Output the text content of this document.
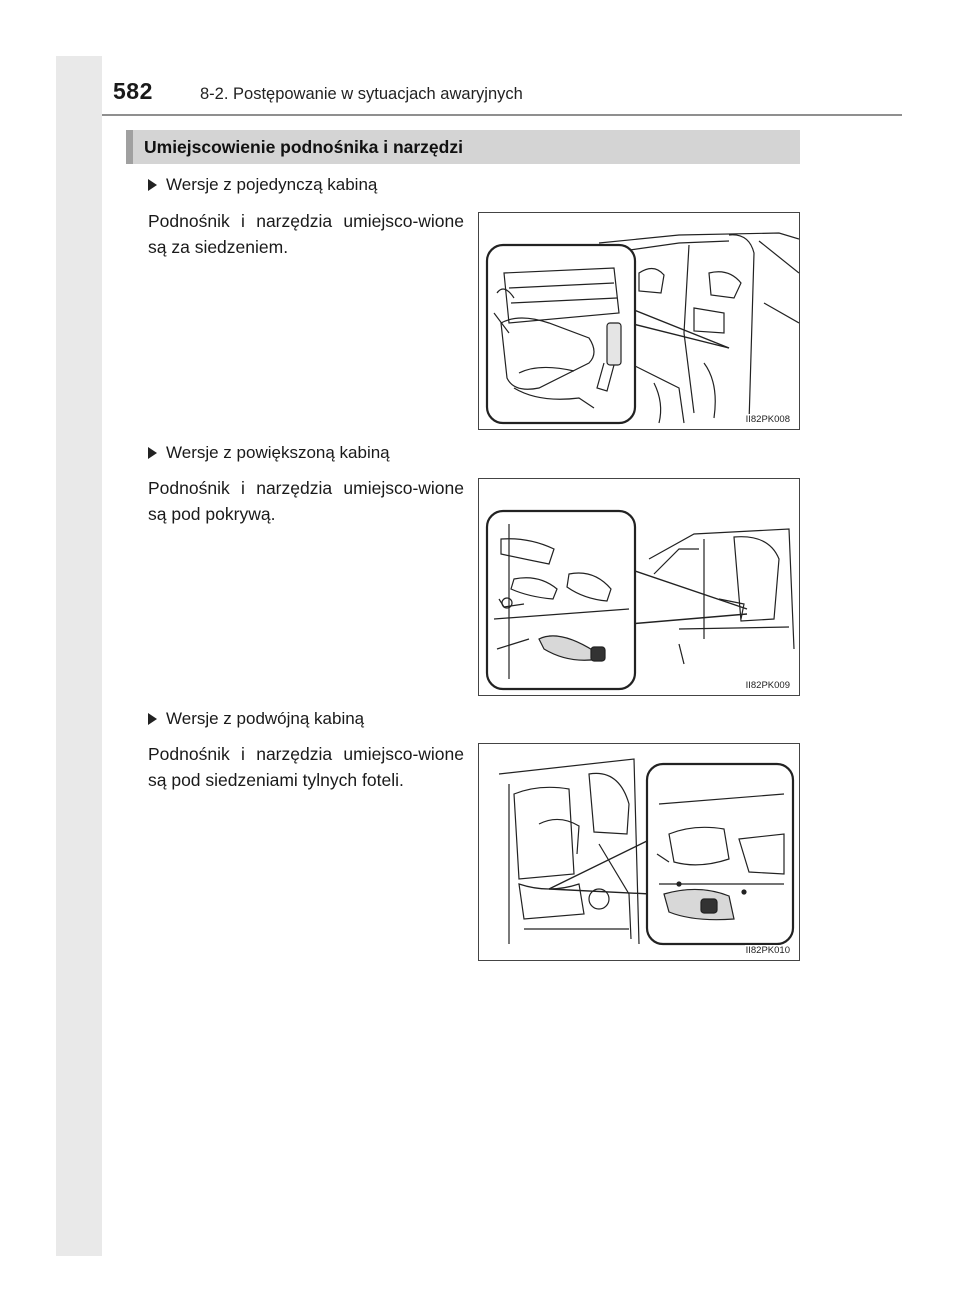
582	8-2. Postępowanie w sytuacjach awaryjnych
Umiejscowienie podnośnika i narzędzi
Wersje z pojedynczą kabiną
Podnośnik i narzędzia umiejsco-wione są za siedzeniem.
II82PK008
Wersje z powiększoną kabiną
Podnośnik i narzędzia umiejsco-wione są pod pokrywą.
II82PK009
Wersje z podwójną kabiną
Podnośnik i narzędzia umiejsco-wione są pod siedzeniami tylnych foteli.
II82PK010
